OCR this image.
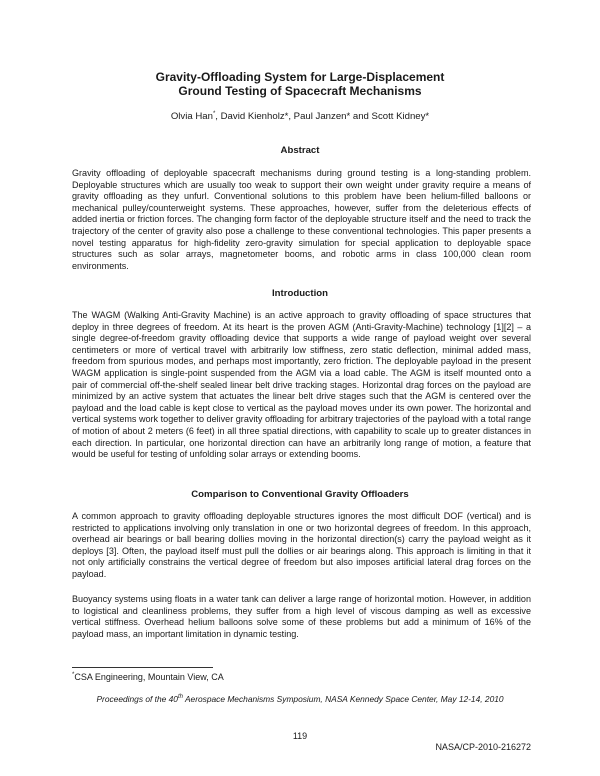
Gravity-Offloading System for Large-Displacement
Ground Testing of Spacecraft Mechanisms
Olvia Han*, David Kienholz*, Paul Janzen* and Scott Kidney*
Abstract

Gravity offloading of deployable spacecraft mechanisms during ground testing is a long-standing problem. Deployable structures which are usually too weak to support their own weight under gravity require a means of gravity offloading as they unfurl. Conventional solutions to this problem have been helium-filled balloons or mechanical pulley/counterweight systems. These approaches, however, suffer from the deleterious effects of added inertia or friction forces. The changing form factor of the deployable structure itself and the need to track the trajectory of the center of gravity also pose a challenge to these conventional technologies. This paper presents a novel testing apparatus for high-fidelity zero-gravity simulation for special application to deployable space structures such as solar arrays, magnetometer booms, and robotic arms in class 100,000 clean room environments.

Introduction

The WAGM (Walking Anti-Gravity Machine) is an active approach to gravity offloading of space structures that deploy in three degrees of freedom. At its heart is the proven AGM (Anti-Gravity-Machine) technology [1][2] – a single degree-of-freedom gravity offloading device that supports a wide range of payload weight over several centimeters or more of vertical travel with arbitrarily low stiffness, zero static deflection, minimal added mass, freedom from spurious modes, and perhaps most importantly, zero friction. The deployable payload in the present WAGM application is single-point suspended from the AGM via a load cable. The AGM is itself mounted onto a pair of commercial off-the-shelf sealed linear belt drive tracking stages. Horizontal drag forces on the payload are minimized by an active system that actuates the linear belt drive stages such that the AGM is centered over the payload and the load cable is kept close to vertical as the payload moves under its own power. The horizontal and vertical systems work together to deliver gravity offloading for arbitrary trajectories of the payload with a total range of motion of about 2 meters (6 feet) in all three spatial directions, with capability to scale up to greater distances in each direction. In particular, one horizontal direction can have an arbitrarily long range of motion, a feature that would be useful for testing of unfolding solar arrays or extending booms.

Comparison to Conventional Gravity Offloaders

A common approach to gravity offloading deployable structures ignores the most difficult DOF (vertical) and is restricted to applications involving only translation in one or two horizontal degrees of freedom. In this approach, overhead air bearings or ball bearing dollies moving in the horizontal direction(s) carry the payload weight as it deploys [3]. Often, the payload itself must pull the dollies or air bearings along. This approach is limiting in that it not only artificially constrains the vertical degree of freedom but also imposes artificial lateral drag forces on the payload.

Buoyancy systems using floats in a water tank can deliver a large range of horizontal motion. However, in addition to logistical and cleanliness problems, they suffer from a high level of viscous damping as well as excessive vertical stiffness. Overhead helium balloons solve some of these problems but add a minimum of 16% of the payload mass, an important limitation in dynamic testing.

*CSA Engineering, Mountain View, CA
Proceedings of the 40th Aerospace Mechanisms Symposium, NASA Kennedy Space Center, May 12-14, 2010
119
NASA/CP-2010-216272
